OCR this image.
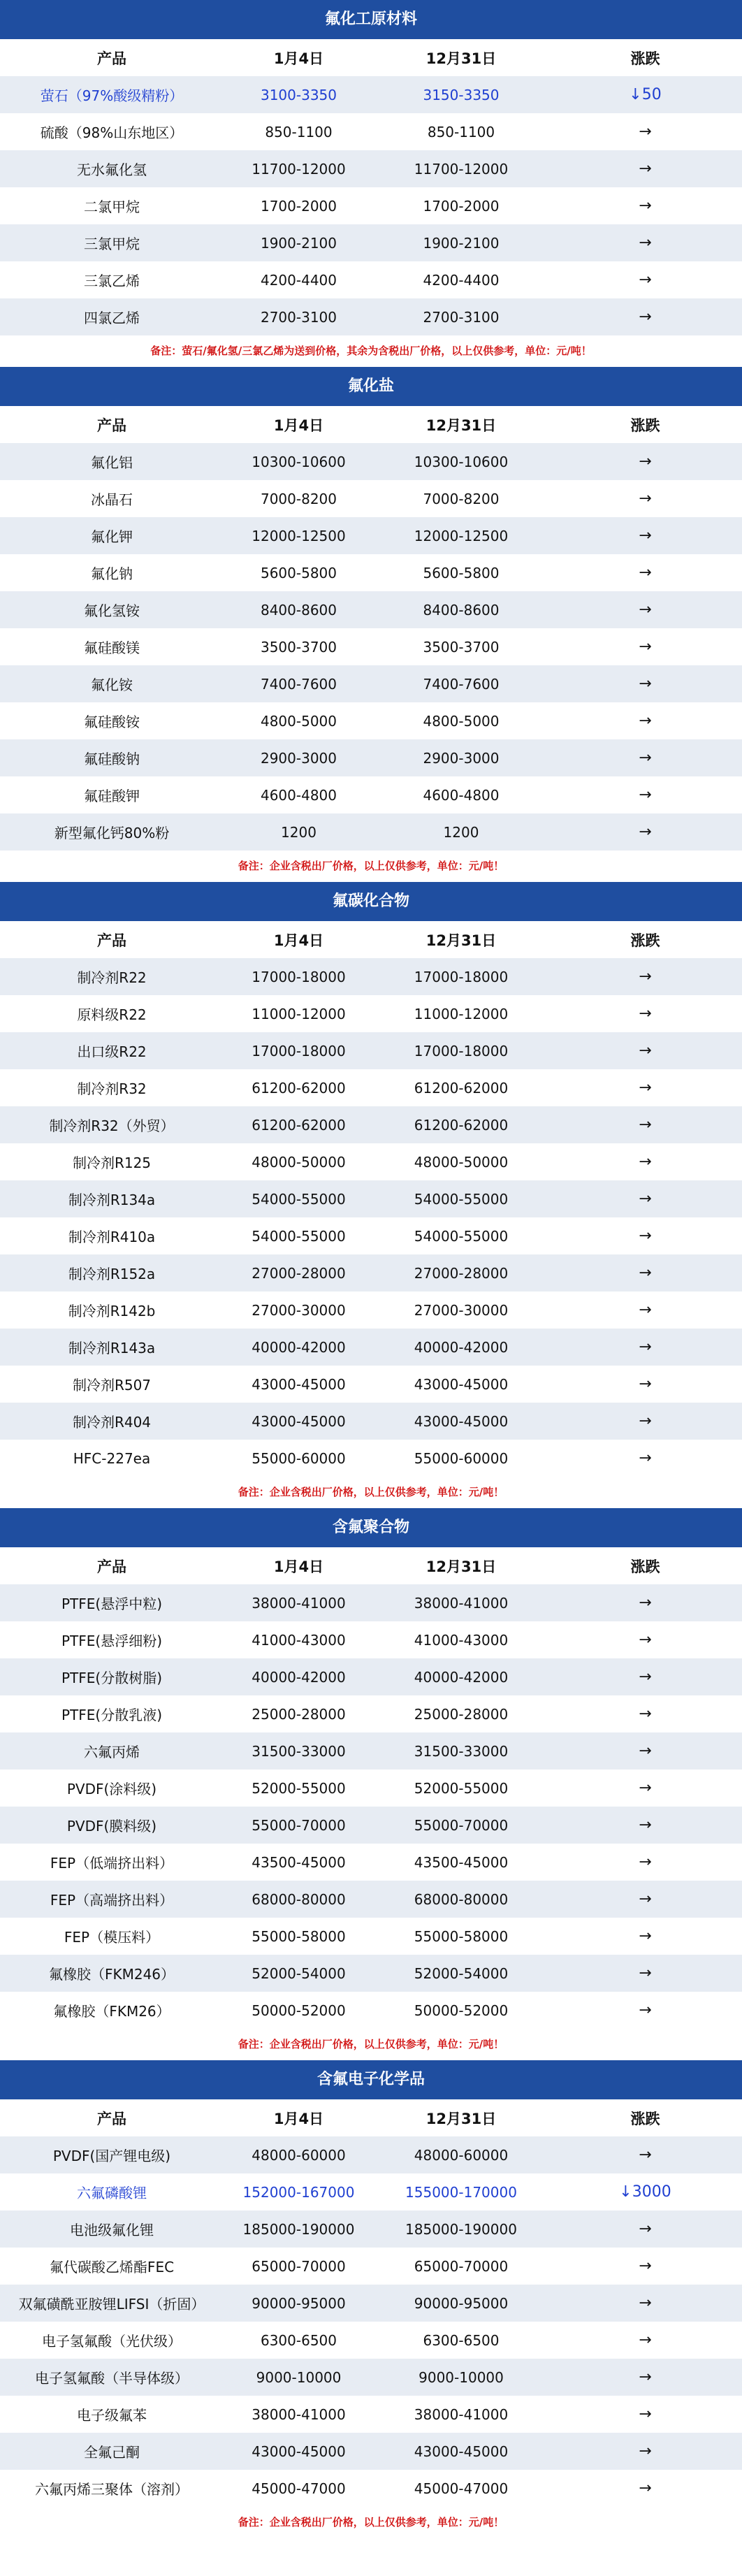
氟化工原材料
产品	1月4日	12月31日	涨跌
萤石（97%酸级精粉）	3100-3350	3150-3350	↓50
硫酸（98%山东地区）	850-1100	850-1100	→
无水氟化氢	11700-12000	11700-12000	→
二氯甲烷	1700-2000	1700-2000	→
三氯甲烷	1900-2100	1900-2100	→
三氯乙烯	4200-4400	4200-4400	→
四氯乙烯	2700-3100	2700-3100	→
备注：萤石/氟化氢/三氯乙烯为送到价格，其余为含税出厂价格，以上仅供参考，单位：元/吨！
氟化盐
产品	1月4日	12月31日	涨跌
氟化铝	10300-10600	10300-10600	→
冰晶石	7000-8200	7000-8200	→
氟化钾	12000-12500	12000-12500	→
氟化钠	5600-5800	5600-5800	→
氟化氢铵	8400-8600	8400-8600	→
氟硅酸镁	3500-3700	3500-3700	→
氟化铵	7400-7600	7400-7600	→
氟硅酸铵	4800-5000	4800-5000	→
氟硅酸钠	2900-3000	2900-3000	→
氟硅酸钾	4600-4800	4600-4800	→
新型氟化钙80%粉	1200	1200	→
备注：企业含税出厂价格，以上仅供参考，单位：元/吨！
氟碳化合物
产品	1月4日	12月31日	涨跌
制冷剂R22	17000-18000	17000-18000	→
原料级R22	11000-12000	11000-12000	→
出口级R22	17000-18000	17000-18000	→
制冷剂R32	61200-62000	61200-62000	→
制冷剂R32（外贸）	61200-62000	61200-62000	→
制冷剂R125	48000-50000	48000-50000	→
制冷剂R134a	54000-55000	54000-55000	→
制冷剂R410a	54000-55000	54000-55000	→
制冷剂R152a	27000-28000	27000-28000	→
制冷剂R142b	27000-30000	27000-30000	→
制冷剂R143a	40000-42000	40000-42000	→
制冷剂R507	43000-45000	43000-45000	→
制冷剂R404	43000-45000	43000-45000	→
HFC-227ea	55000-60000	55000-60000	→
备注：企业含税出厂价格，以上仅供参考，单位：元/吨！
含氟聚合物
产品	1月4日	12月31日	涨跌
PTFE(悬浮中粒)	38000-41000	38000-41000	→
PTFE(悬浮细粉)	41000-43000	41000-43000	→
PTFE(分散树脂)	40000-42000	40000-42000	→
PTFE(分散乳液)	25000-28000	25000-28000	→
六氟丙烯	31500-33000	31500-33000	→
PVDF(涂料级)	52000-55000	52000-55000	→
PVDF(膜料级)	55000-70000	55000-70000	→
FEP（低端挤出料）	43500-45000	43500-45000	→
FEP（高端挤出料）	68000-80000	68000-80000	→
FEP（模压料）	55000-58000	55000-58000	→
氟橡胶（FKM246）	52000-54000	52000-54000	→
氟橡胶（FKM26）	50000-52000	50000-52000	→
备注：企业含税出厂价格，以上仅供参考，单位：元/吨！
含氟电子化学品
产品	1月4日	12月31日	涨跌
PVDF(国产锂电级)	48000-60000	48000-60000	→
六氟磷酸锂	152000-167000	155000-170000	↓3000
电池级氟化锂	185000-190000	185000-190000	→
氟代碳酸乙烯酯FEC	65000-70000	65000-70000	→
双氟磺酰亚胺锂LIFSI（折固）	90000-95000	90000-95000	→
电子氢氟酸（光伏级）	6300-6500	6300-6500	→
电子氢氟酸（半导体级）	9000-10000	9000-10000	→
电子级氟苯	38000-41000	38000-41000	→
全氟己酮	43000-45000	43000-45000	→
六氟丙烯三聚体（溶剂）	45000-47000	45000-47000	→
备注：企业含税出厂价格，以上仅供参考，单位：元/吨！
